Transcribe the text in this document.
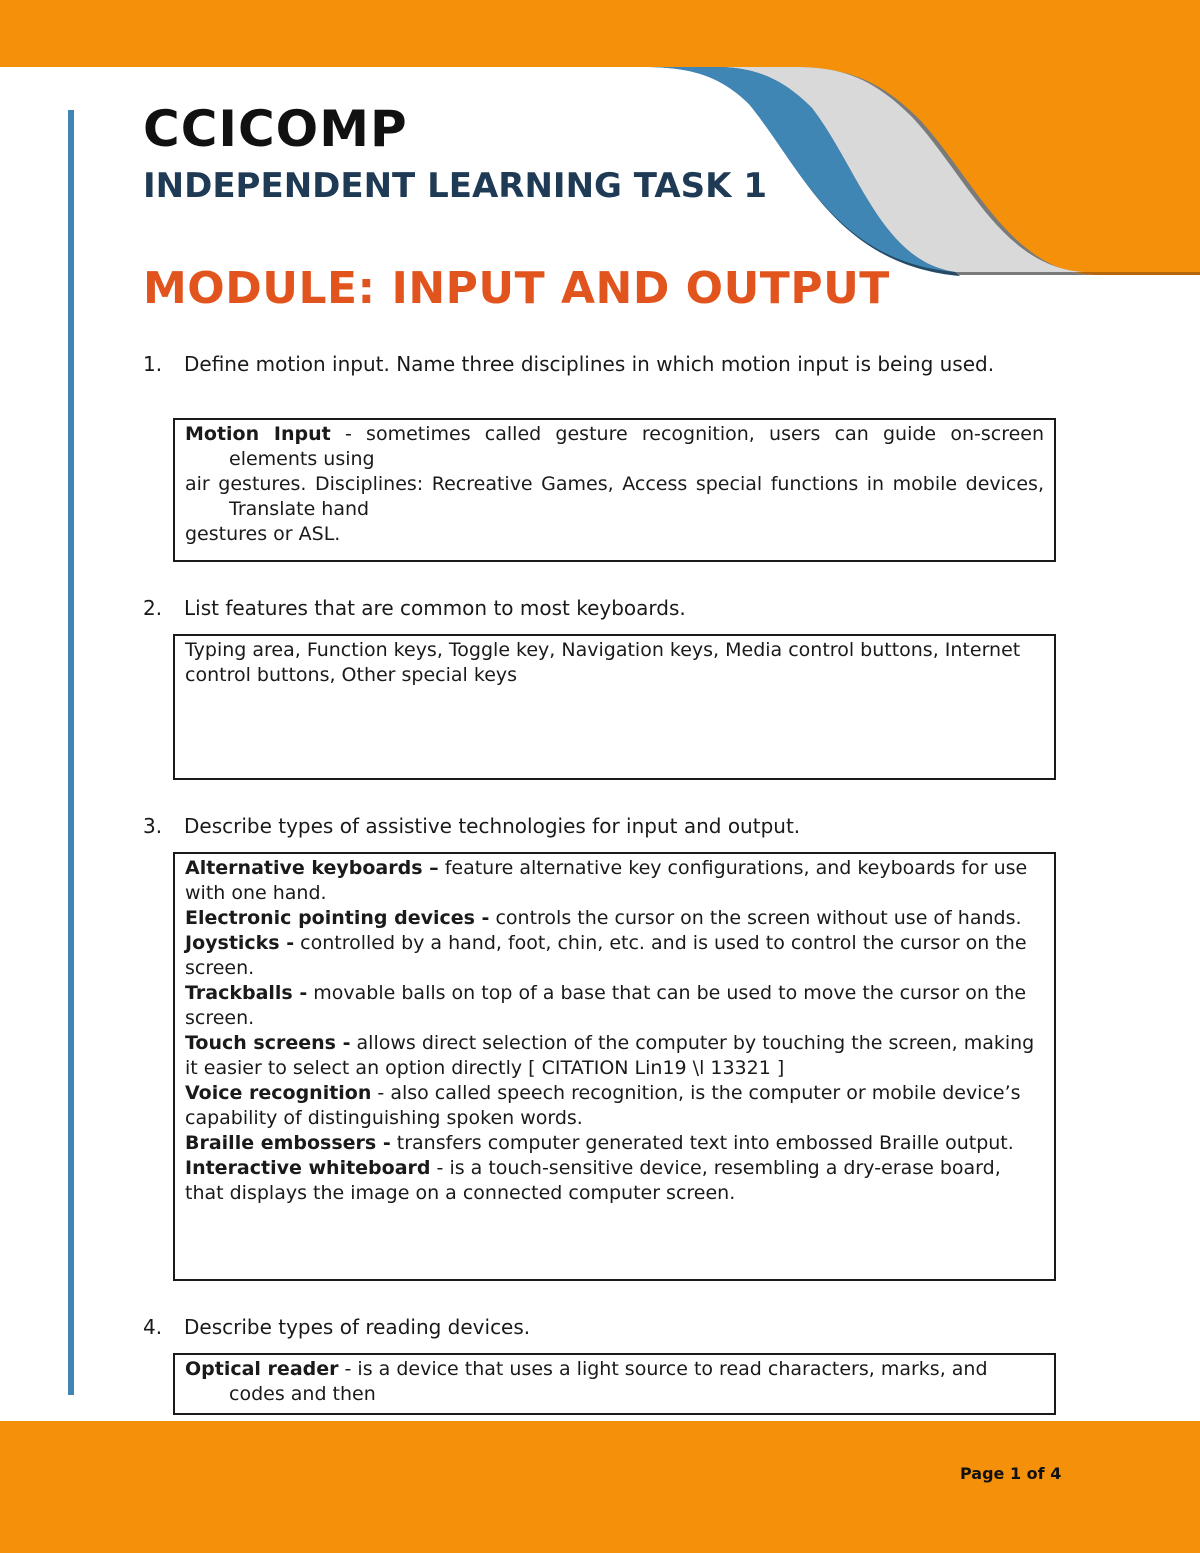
CCICOMP
INDEPENDENT LEARNING TASK 1
MODULE: INPUT AND OUTPUT
1. Define motion input. Name three disciplines in which motion input is being used.

Motion Input - sometimes called gesture recognition, users can guide on-screen elements using

air gestures. Disciplines: Recreative Games, Access special functions in mobile devices, Translate hand

gestures or ASL.

2. List features that are common to most keyboards.

Typing area, Function keys, Toggle key, Navigation keys, Media control buttons, Internet control buttons, Other special keys

3. Describe types of assistive technologies for input and output.

Alternative keyboards – feature alternative key configurations, and keyboards for use with one hand.

Electronic pointing devices - controls the cursor on the screen without use of hands.

Joysticks - controlled by a hand, foot, chin, etc. and is used to control the cursor on the screen.

Trackballs - movable balls on top of a base that can be used to move the cursor on the screen.

Touch screens - allows direct selection of the computer by touching the screen, making it easier to select an option directly [ CITATION Lin19 \l 13321 ]

Voice recognition - also called speech recognition, is the computer or mobile device’s capability of distinguishing spoken words.

Braille embossers - transfers computer generated text into embossed Braille output.

Interactive whiteboard - is a touch-sensitive device, resembling a dry-erase board, that displays the image on a connected computer screen.

4. Describe types of reading devices.

Optical reader - is a device that uses a light source to read characters, marks, and codes and then

Page 1 of 4
